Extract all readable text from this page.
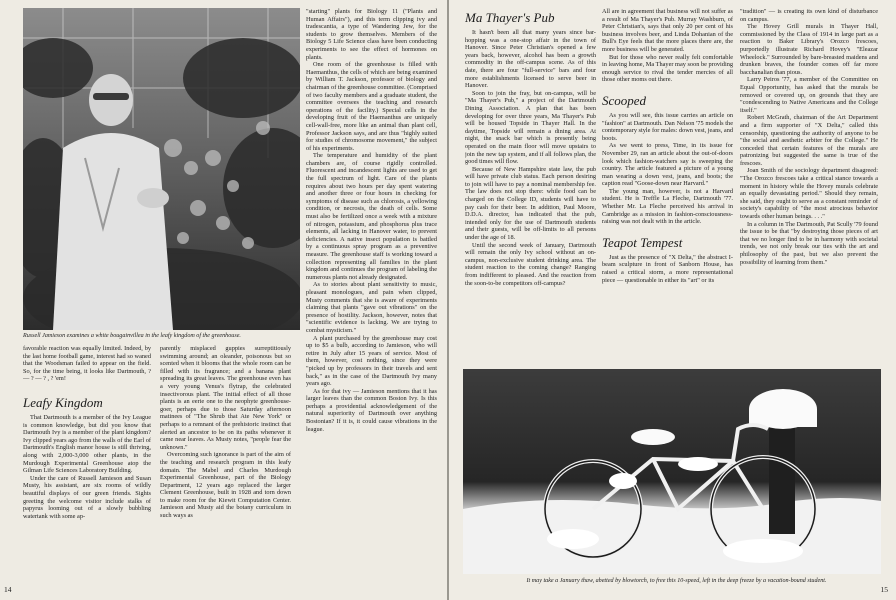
Russell Jamieson examines a white bougainvillea in the leafy kingdom of the greenhouse.

favorable reaction was equally limited. Indeed, by the last home football game, interest had so waned that the Woodsman failed to appear on the field. So, for the time being, it looks like Dartmouth, ? — ? — ? , ? 'em!

Leafy Kingdom

That Dartmouth is a member of the Ivy League is common knowledge, but did you know that Dartmouth Ivy is a member of the plant kingdom? Ivy clipped years ago from the walls of the Earl of Dartmouth's English manor house is still thriving, along with 2,000-3,000 other plants, in the Murdough Experimental Greenhouse atop the Gilman Life Sciences Laboratory Building.

Under the care of Russell Jamieson and Susan Musty, his assistant, are six rooms of wildly beautiful displays of our green friends. Sights greeting the welcome visitor include stalks of papyrus looming out of a slowly bubbling watertank with some ap-

parently misplaced guppies surreptitiously swimming around; an oleander, poisonous but so scented when it blooms that the whole room can be filled with its fragrance; and a banana plant spreading its great leaves. The greenhouse even has a very young Venus's flytrap, the celebrated insectivorous plant. The initial effect of all those plants is an eerie one to the neophyte greenhouse-goer, perhaps due to those Saturday afternoon matinees of "The Shrub that Ate New York" or perhaps to a remnant of the prehistoric instinct that alerted an ancestor to be on its paths whenever it came near leaves. As Musty notes, "people fear the unknown."

Overcoming such ignorance is part of the aim of the teaching and research program in this leafy domain. The Mabel and Charles Murdough Experimental Greenhouse, part of the Biology Department, 12 years ago replaced the larger Clement Greenhouse, built in 1928 and torn down to make room for the Kiewit Computation Center. Jamieson and Musty aid the botany curriculum in such ways as

"starting" plants for Biology 11 ("Plants and Human Affairs"), and this term clipping ivy and tradescantia, a type of Wandering Jew, for the students to grow themselves. Members of the Biology 5 Life Science class have been conducting experiments to see the effect of hormones on plants.

One room of the greenhouse is filled with Haemanthus, the cells of which are being examined by William T. Jackson, professor of biology and chairman of the greenhouse committee. (Comprised of two faculty members and a graduate student, the committee oversees the teaching and research operations of the facility.) Special cells in the developing fruit of the Haemanthus are uniquely cell-wall-free, more like an animal than plant cell, Professor Jackson says, and are thus "highly suited for studies of chromosome movement," the subject of his experiments.

The temperature and humidity of the plant chambers are, of course rigidly controlled. Fluorescent and incandescent lights are used to get the full spectrum of light. Care of the plants requires about two hours per day spent watering and another three or four hours in checking for symptoms of disease such as chlorosis, a yellowing condition, or necrosis, the death of cells. Some must also be fertilized once a week with a mixture of nitrogen, potassium, and phosphorus plus trace elements, all lacking in Hanover water, to prevent deficiencies. A native insect population is battled by a continuous spray program as a preventive measure. The greenhouse staff is working toward a collection representing all families in the plant kingdom and continues the program of labeling the numerous plants not already designated.

As to stories about plant sensitivity to music, pleasant monologues, and pain when clipped, Musty comments that she is aware of experiments claiming that plants "gave out vibrations" on the presence of hostility. Jackson, however, notes that "scientific evidence is lacking. We are trying to combat mysticism."

A plant purchased by the greenhouse may cost up to $5 a bulb, according to Jamieson, who will retire in July after 15 years of service. Most of them, however, cost nothing, since they were "picked up by professors in their travels and sent back," as in the case of the Dartmouth Ivy many years ago.

As for that ivy — Jamieson mentions that it has larger leaves than the common Boston Ivy. Is this perhaps a providential acknowledgement of the natural superiority of Dartmouth over anything Bostonian? If it is, it could cause vibrations in the league.

14
Ma Thayer's Pub

It hasn't been all that many years since bar-hopping was a one-stop affair in the town of Hanover. Since Peter Christian's opened a few years back, however, alcohol has been a growth commodity in the off-campus scene. As of this date, there are four "full-service" bars and four more establishments licensed to serve beer in Hanover.

Soon to join the fray, but on-campus, will be "Ma Thayer's Pub," a project of the Dartmouth Dining Association. A plan that has been developing for over three years, Ma Thayer's Pub will be housed Topside in Thayer Hall. In the daytime, Topside will remain a dining area. At night, the snack bar which is presently being operated on the main floor will move upstairs to join the new tap system, and if all follows plan, the good times will flow.

Because of New Hampshire state law, the pub will have private club status. Each person desiring to join will have to pay a nominal membership fee. The law does not stop there: while food can be charged on the College ID, students will have to pay cash for their beer. In addition, Paul Moore, D.D.A. director, has indicated that the pub, intended only for the use of Dartmouth students and their guests, will be off-limits to all persons under the age of 18.

Until the second week of January, Dartmouth will remain the only Ivy school without an on-campus, non-exclusive student drinking area. The student reaction to the coming change? Ranging from indifferent to pleased. And the reaction from the soon-to-be competitors off-campus?

All are in agreement that business will not suffer as a result of Ma Thayer's Pub. Murray Washburn, of Peter Christian's, says that only 20 per cent of his business involves beer, and Linda Dohanian of the Bull's Eye feels that the more places there are, the more business will be generated.

But for those who never really felt comfortable in leaving home, Ma Thayer may soon be providing enough service to rival the tender mercies of all those other moms out there.

Scooped

As you will see, this issue carries an article on "fashion" at Dartmouth. Dan Nelson '75 models the contemporary style for males: down vest, jeans, and boots.

As we went to press, Time, in its issue for November 29, ran an article about the out-of-doors look which fashion-watchers say is sweeping the country. The article featured a picture of a young man wearing a down vest, jeans, and boots; the caption read "Goose-down near Harvard."

The young man, however, is not a Harvard student. He is Treffle La Fleche, Dartmouth '77. Whether Mr. La Fleche perceived his arrival in Cambridge as a mission in fashion-consciousness-raising was not dealt with in the article.

Teapot Tempest

Just as the presence of "X Delta," the abstract I-beam sculpture in front of Sanborn House, has raised a critical storm, a more representational piece — questionable in either its "art" or its

"tradition" — is creating its own kind of disturbance on campus.

The Hovey Grill murals in Thayer Hall, commissioned by the Class of 1914 in large part as a reaction to Baker Library's Orozco frescoes, purportedly illustrate Richard Hovey's "Eleazar Wheelock." Surrounded by bare-breasted maidens and drunken braves, the founder comes off far more bacchanalian than pious.

Larry Peiros '77, a member of the Committee on Equal Opportunity, has asked that the murals be removed or covered up, on grounds that they are "condescending to Native Americans and the College itself."

Robert McGrath, chairman of the Art Department and a firm supporter of "X Delta," called this censorship, questioning the authority of anyone to be "the social and aesthetic arbiter for the College." He conceded that certain features of the murals are patronizing but suggested the same is true of the frescoes.

Joan Smith of the sociology department disagreed: "The Orozco frescoes take a critical stance towards a moment in history while the Hovey murals celebrate an equally devastating period." Should they remain, she said, they ought to serve as a constant reminder of society's capability of "the most atrocious behavior towards other human beings. . . ."

In a column in The Dartmouth, Pat Scully '79 found the issue to be that "by destroying those pieces of art that we no longer find to be in harmony with societal trends, we not only break our ties with the art and philosophy of the past, but we also prevent the possibility of learning from them."

It may take a January thaw, abetted by blowtorch, to free this 10-speed, left in the deep freeze by a vacation-bound student.
15
